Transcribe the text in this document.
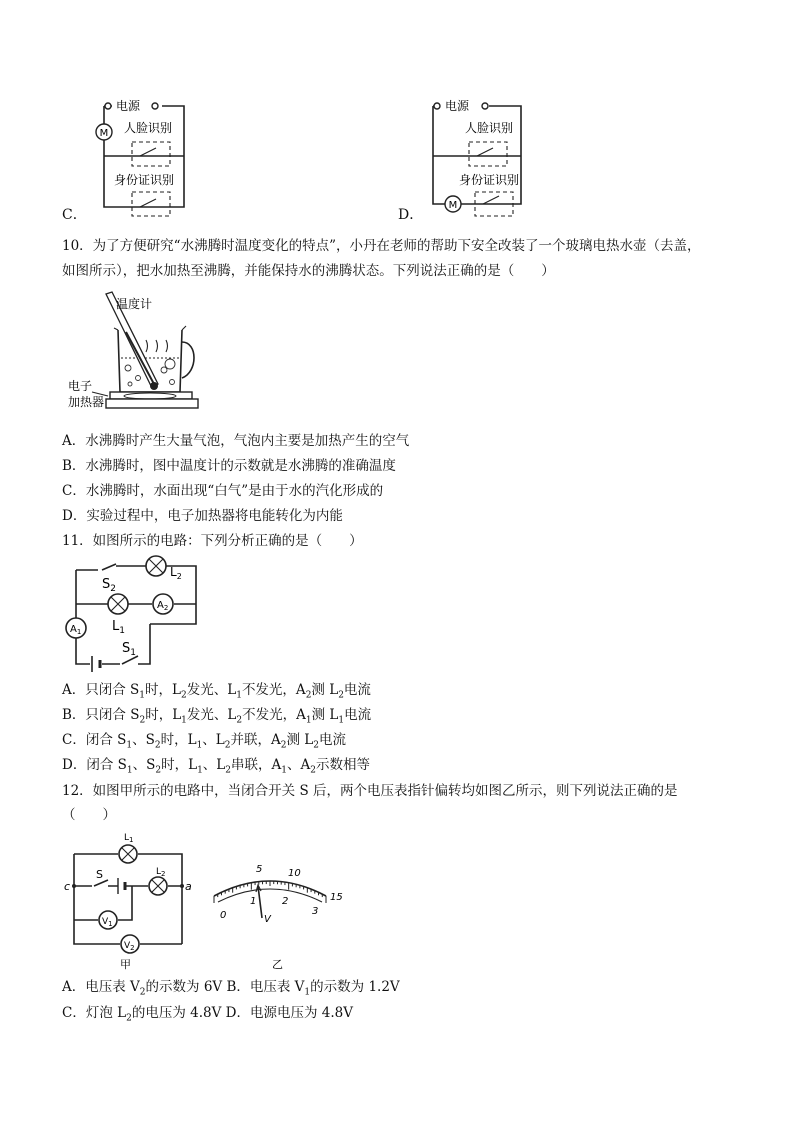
C．
M
电源
人脸识别
身份证识别
D．
M
电源
人脸识别
身份证识别
10．为了方便研究“水沸腾时温度变化的特点”，小丹在老师的帮助下安全改装了一个玻璃电热水壶（去盖，
如图所示），把水加热至沸腾，并能保持水的沸腾状态。下列说法正确的是（　　）
温度计
电子
加热器
A．水沸腾时产生大量气泡，气泡内主要是加热产生的空气
B．水沸腾时，图中温度计的示数就是水沸腾的准确温度
C．水沸腾时，水面出现“白气”是由于水的汽化形成的
D．实验过程中，电子加热器将电能转化为内能
11．如图所示的电路：下列分析正确的是（　　）
$S_2$
$L_2$
$L_1$
$A_2$
$A_1$
$S_1$
A．只闭合 $S_1$时，$L_2$发光、$L_1$不发光，$A_2$测 $L_2$电流
B．只闭合 $S_2$时，$L_1$发光、$L_2$不发光，$A_1$测 $L_1$电流
C．闭合 $S_1$、$S_2$时，$L_1$、$L_2$并联，$A_2$测 $L_2$电流
D．闭合 $S_1$、$S_2$时，$L_1$、$L_2$串联，$A_1$、$A_2$示数相等
12．如图甲所示的电路中，当闭合开关 S 后，两个电压表指针偏转均如图乙所示，则下列说法正确的是
（　　）
$L_1$
$L_2$
S
c	a
$V_1$
$V_2$
甲
5	10
15
0
1	2
3
V
乙
A．电压表 $V_2$的示数为 6V B．电压表 $V_1$的示数为 1.2V
C．灯泡 $L_2$的电压为 4.8V D．电源电压为 4.8V
